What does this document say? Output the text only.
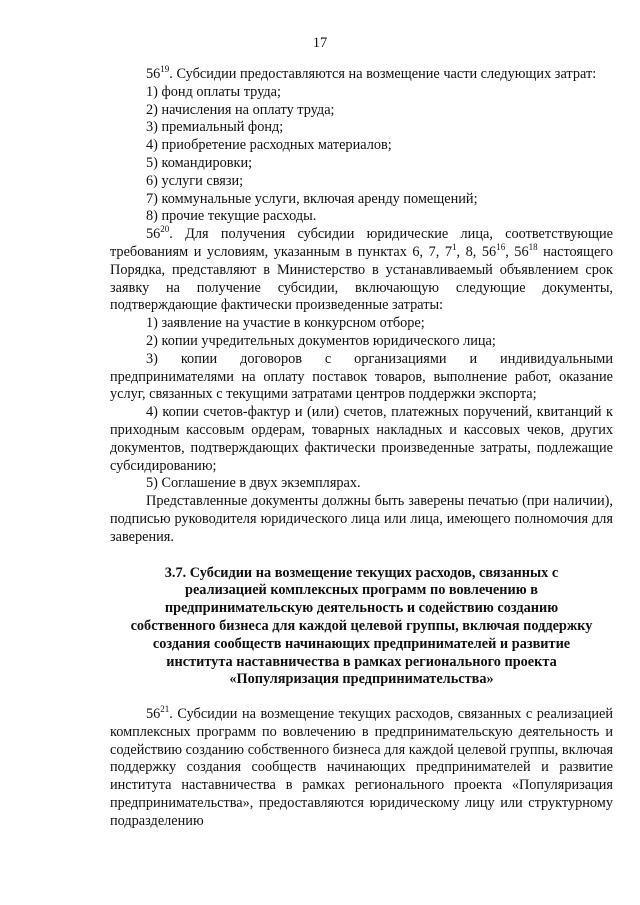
17

$56^{19}$. Субсидии предоставляются на возмещение части следующих затрат:

1) фонд оплаты труда;

2) начисления на оплату труда;

3) премиальный фонд;

4) приобретение расходных материалов;

5) командировки;

6) услуги связи;

7) коммунальные услуги, включая аренду помещений;

8) прочие текущие расходы.

$56^{20}$. Для получения субсидии юридические лица, соответствующие требованиям и условиям, указанным в пунктах 6, 7, $7^1$, 8, $56^{16}$, $56^{18}$ настоящего Порядка, представляют в Министерство в устанавливаемый объявлением срок заявку на получение субсидии, включающую следующие документы, подтверждающие фактически произведенные затраты:

1) заявление на участие в конкурсном отборе;

2) копии учредительных документов юридического лица;

3) копии договоров с организациями и индивидуальными предпринимателями на оплату поставок товаров, выполнение работ, оказание услуг, связанных с текущими затратами центров поддержки экспорта;

4) копии счетов-фактур и (или) счетов, платежных поручений, квитанций к приходным кассовым ордерам, товарных накладных и кассовых чеков, других документов, подтверждающих фактически произведенные затраты, подлежащие субсидированию;

5) Соглашение в двух экземплярах.

Представленные документы должны быть заверены печатью (при наличии), подписью руководителя юридического лица или лица, имеющего полномочия для заверения.

3.7. Субсидии на возмещение текущих расходов, связанных с

реализацией комплексных программ по вовлечению в

предпринимательскую деятельность и содействию созданию

собственного бизнеса для каждой целевой группы, включая поддержку

создания сообществ начинающих предпринимателей и развитие

института наставничества в рамках регионального проекта

«Популяризация предпринимательства»

$56^{21}$. Субсидии на возмещение текущих расходов, связанных с реализацией комплексных программ по вовлечению в предпринимательскую деятельность и содействию созданию собственного бизнеса для каждой целевой группы, включая поддержку создания сообществ начинающих предпринимателей и развитие института наставничества в рамках регионального проекта «Популяризация предпринимательства», предоставляются юридическому лицу или структурному подразделению
